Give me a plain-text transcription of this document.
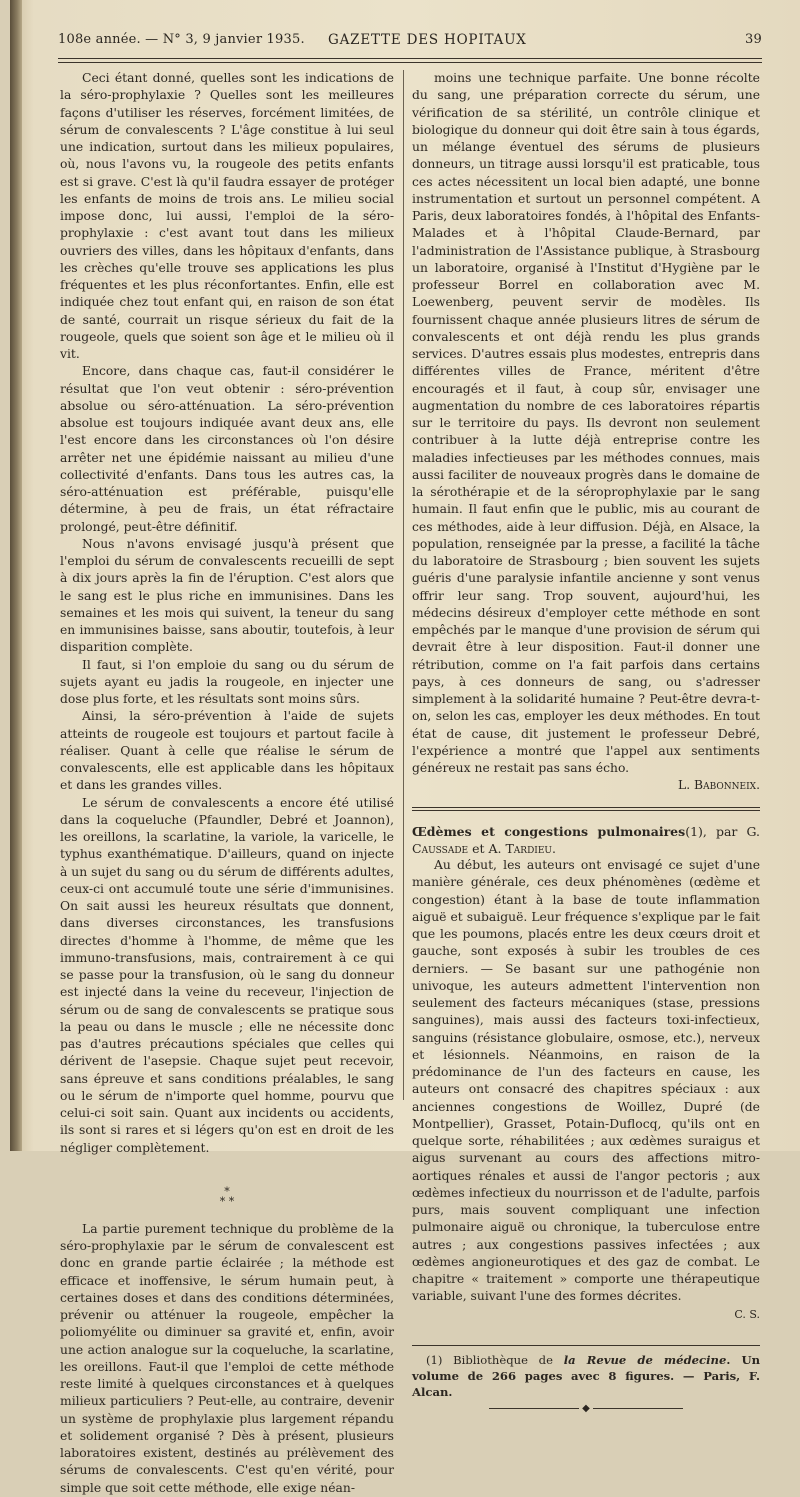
108e année. — N° 3, 9 janvier 1935. GAZETTE DES HOPITAUX	39

Ceci étant donné, quelles sont les indications de la séro-prophylaxie ? Quelles sont les meilleures façons d'utiliser les réserves, forcément limitées, de sérum de convalescents ? L'âge constitue à lui seul une indication, surtout dans les milieux populaires, où, nous l'avons vu, la rougeole des petits enfants est si grave. C'est là qu'il faudra essayer de protéger les enfants de moins de trois ans. Le milieu social impose donc, lui aussi, l'emploi de la séro-prophylaxie : c'est avant tout dans les milieux ouvriers des villes, dans les hôpitaux d'enfants, dans les crèches qu'elle trouve ses applications les plus fréquentes et les plus réconfortantes. Enfin, elle est indiquée chez tout enfant qui, en raison de son état de santé, courrait un risque sérieux du fait de la rougeole, quels que soient son âge et le milieu où il vit.

Encore, dans chaque cas, faut-il considérer le résultat que l'on veut obtenir : séro-prévention absolue ou séro-atténuation. La séro-prévention absolue est toujours indiquée avant deux ans, elle l'est encore dans les circonstances où l'on désire arrêter net une épidémie naissant au milieu d'une collectivité d'enfants. Dans tous les autres cas, la séro-atténuation est préférable, puisqu'elle détermine, à peu de frais, un état réfractaire prolongé, peut-être définitif.

Nous n'avons envisagé jusqu'à présent que l'emploi du sérum de convalescents recueilli de sept à dix jours après la fin de l'éruption. C'est alors que le sang est le plus riche en immunisines. Dans les semaines et les mois qui suivent, la teneur du sang en immunisines baisse, sans aboutir, toutefois, à leur disparition complète.

Il faut, si l'on emploie du sang ou du sérum de sujets ayant eu jadis la rougeole, en injecter une dose plus forte, et les résultats sont moins sûrs.

Ainsi, la séro-prévention à l'aide de sujets atteints de rougeole est toujours et partout facile à réaliser. Quant à celle que réalise le sérum de convalescents, elle est applicable dans les hôpitaux et dans les grandes villes.

Le sérum de convalescents a encore été utilisé dans la coqueluche (Pfaundler, Debré et Joannon), les oreillons, la scarlatine, la variole, la varicelle, le typhus exanthématique. D'ailleurs, quand on injecte à un sujet du sang ou du sérum de différents adultes, ceux-ci ont accumulé toute une série d'immunisines. On sait aussi les heureux résultats que donnent, dans diverses circonstances, les transfusions directes d'homme à l'homme, de même que les immuno-transfusions, mais, contrairement à ce qui se passe pour la transfusion, où le sang du donneur est injecté dans la veine du receveur, l'injection de sérum ou de sang de convalescents se pratique sous la peau ou dans le muscle ; elle ne nécessite donc pas d'autres précautions spéciales que celles qui dérivent de l'asepsie. Chaque sujet peut recevoir, sans épreuve et sans conditions préalables, le sang ou le sérum de n'importe quel homme, pourvu que celui-ci soit sain. Quant aux incidents ou accidents, ils sont si rares et si légers qu'on est en droit de les négliger complètement.

*
* *

La partie purement technique du problème de la séro-prophylaxie par le sérum de convalescent est donc en grande partie éclairée ; la méthode est efficace et inoffensive, le sérum humain peut, à certaines doses et dans des conditions déterminées, prévenir ou atténuer la rougeole, empêcher la poliomyélite ou diminuer sa gravité et, enfin, avoir une action analogue sur la coqueluche, la scarlatine, les oreillons. Faut-il que l'emploi de cette méthode reste limité à quelques circonstances et à quelques milieux particuliers ? Peut-elle, au contraire, devenir un système de prophylaxie plus largement répandu et solidement organisé ? Dès à présent, plusieurs laboratoires existent, destinés au prélèvement des sérums de convalescents. C'est qu'en vérité, pour simple que soit cette méthode, elle exige néan-

moins une technique parfaite. Une bonne récolte du sang, une préparation correcte du sérum, une vérification de sa stérilité, un contrôle clinique et biologique du donneur qui doit être sain à tous égards, un mélange éventuel des sérums de plusieurs donneurs, un titrage aussi lorsqu'il est praticable, tous ces actes nécessitent un local bien adapté, une bonne instrumentation et surtout un personnel compétent. A Paris, deux laboratoires fondés, à l'hôpital des Enfants-Malades et à l'hôpital Claude-Bernard, par l'administration de l'Assistance publique, à Strasbourg un laboratoire, organisé à l'Institut d'Hygiène par le professeur Borrel en collaboration avec M. Loewenberg, peuvent servir de modèles. Ils fournissent chaque année plusieurs litres de sérum de convalescents et ont déjà rendu les plus grands services. D'autres essais plus modestes, entrepris dans différentes villes de France, méritent d'être encouragés et il faut, à coup sûr, envisager une augmentation du nombre de ces laboratoires répartis sur le territoire du pays. Ils devront non seulement contribuer à la lutte déjà entreprise contre les maladies infectieuses par les méthodes connues, mais aussi faciliter de nouveaux progrès dans le domaine de la sérothérapie et de la séroprophylaxie par le sang humain. Il faut enfin que le public, mis au courant de ces méthodes, aide à leur diffusion. Déjà, en Alsace, la population, renseignée par la presse, a facilité la tâche du laboratoire de Strasbourg ; bien souvent les sujets guéris d'une paralysie infantile ancienne y sont venus offrir leur sang. Trop souvent, aujourd'hui, les médecins désireux d'employer cette méthode en sont empêchés par le manque d'une provision de sérum qui devrait être à leur disposition. Faut-il donner une rétribution, comme on l'a fait parfois dans certains pays, à ces donneurs de sang, ou s'adresser simplement à la solidarité humaine ? Peut-être devra-t-on, selon les cas, employer les deux méthodes. En tout état de cause, dit justement le professeur Debré, l'expérience a montré que l'appel aux sentiments généreux ne restait pas sans écho.

L. Babonneix.

Œdèmes et congestions pulmonaires(1), par G. Caussade et A. Tardieu.

Au début, les auteurs ont envisagé ce sujet d'une manière générale, ces deux phénomènes (œdème et congestion) étant à la base de toute inflammation aiguë et subaiguë. Leur fréquence s'explique par le fait que les poumons, placés entre les deux cœurs droit et gauche, sont exposés à subir les troubles de ces derniers. — Se basant sur une pathogénie non univoque, les auteurs admettent l'intervention non seulement des facteurs mécaniques (stase, pressions sanguines), mais aussi des facteurs toxi-infectieux, sanguins (résistance globulaire, osmose, etc.), nerveux et lésionnels. Néanmoins, en raison de la prédominance de l'un des facteurs en cause, les auteurs ont consacré des chapitres spéciaux : aux anciennes congestions de Woillez, Dupré (de Montpellier), Grasset, Potain-Duflocq, qu'ils ont en quelque sorte, réhabilitées ; aux œdèmes suraigus et aigus survenant au cours des affections mitro-aortiques rénales et aussi de l'angor pectoris ; aux œdèmes infectieux du nourrisson et de l'adulte, parfois purs, mais souvent compliquant une infection pulmonaire aiguë ou chronique, la tuberculose entre autres ; aux congestions passives infectées ; aux œdèmes angioneurotiques et des gaz de combat. Le chapitre « traitement » comporte une thérapeutique variable, suivant l'une des formes décrites.

C. S.

(1) Bibliothèque de la Revue de médecine. Un volume de 266 pages avec 8 figures. — Paris, F. Alcan.

◆
